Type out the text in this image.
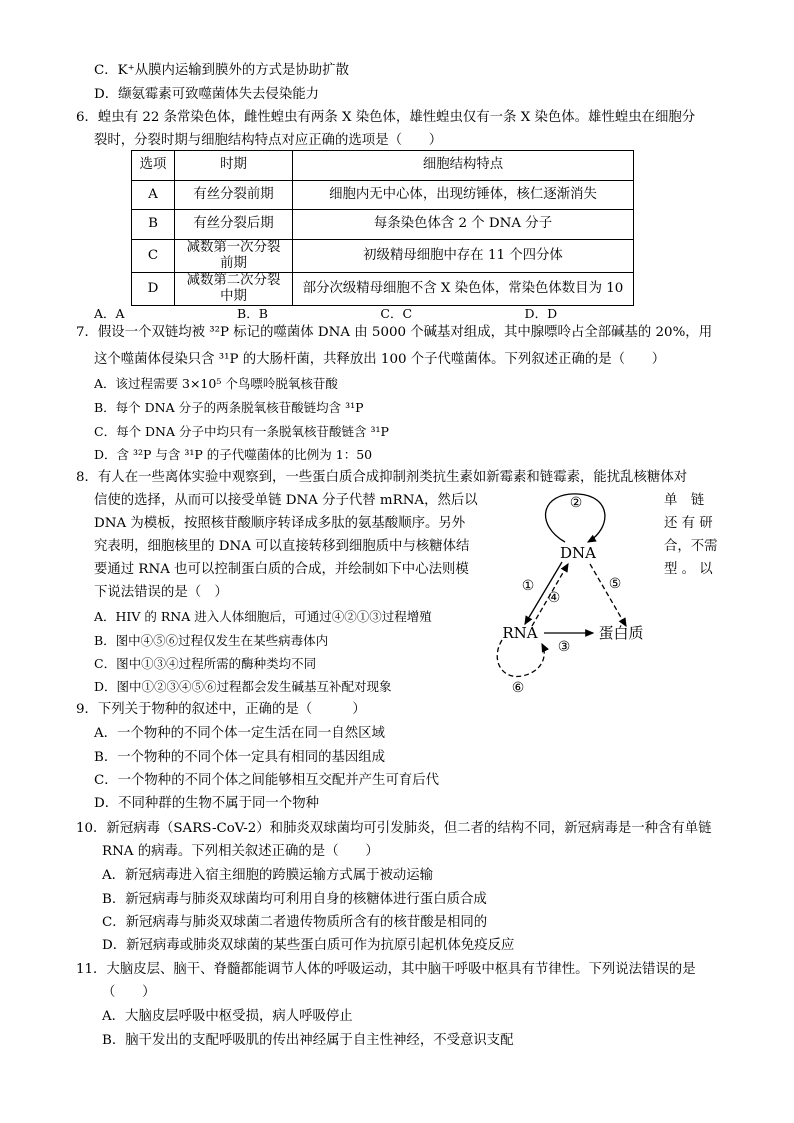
C．K⁺从膜内运输到膜外的方式是协助扩散
D．缬氨霉素可致噬菌体失去侵染能力
6．蝗虫有 22 条常染色体，雌性蝗虫有两条 X 染色体，雄性蝗虫仅有一条 X 染色体。雄性蝗虫在细胞分
裂时，分裂时期与细胞结构特点对应正确的选项是（　　）
选项	时期	细胞结构特点
A	有丝分裂前期	细胞内无中心体，出现纺锤体，核仁逐渐消失
B	有丝分裂后期	每条染色体含 2 个 DNA 分子
C	减数第一次分裂前期	初级精母细胞中存在 11 个四分体
D	减数第二次分裂中期	部分次级精母细胞不含 X 染色体，常染色体数目为 10
A．A　　　　　　　　　B．B　　　　　　　　　C．C　　　　　　　　　D．D
7．假设一个双链均被 ³²P 标记的噬菌体 DNA 由 5000 个碱基对组成，其中腺嘌呤占全部碱基的 20%，用
这个噬菌体侵染只含 ³¹P 的大肠杆菌，共释放出 100 个子代噬菌体。下列叙述正确的是（　　）
A．该过程需要 3×10⁵ 个鸟嘌呤脱氧核苷酸
B．每个 DNA 分子的两条脱氧核苷酸链均含 ³¹P
C．每个 DNA 分子中均只有一条脱氧核苷酸链含 ³¹P
D．含 ³²P 与含 ³¹P 的子代噬菌体的比例为 1：50
8．有人在一些离体实验中观察到，一些蛋白质合成抑制剂类抗生素如新霉素和链霉素，能扰乱核糖体对
信使的选择，从而可以接受单链 DNA 分子代替 mRNA，然后以	单　链
DNA 为模板，按照核苷酸顺序转译成多肽的氨基酸顺序。另外	还 有 研
究表明，细胞核里的 DNA 可以直接转移到细胞质中与核糖体结	合，不需
要通过 RNA 也可以控制蛋白质的合成，并绘制如下中心法则模	型 。 以
下说法错误的是（　）
A．HIV 的 RNA 进入人体细胞后，可通过④②①③过程增殖
B．图中④⑤⑥过程仅发生在某些病毒体内
C．图中①③④过程所需的酶种类均不同
D．图中①②③④⑤⑥过程都会发生碱基互补配对现象
②
DNA
①
④
⑤
RNA
③
蛋白质
⑥
9．下列关于物种的叙述中，正确的是（　　　）
A．一个物种的不同个体一定生活在同一自然区域
B．一个物种的不同个体一定具有相同的基因组成
C．一个物种的不同个体之间能够相互交配并产生可育后代
D．不同种群的生物不属于同一个物种
10．新冠病毒（SARS-CoV-2）和肺炎双球菌均可引发肺炎，但二者的结构不同，新冠病毒是一种含有单链
RNA 的病毒。下列相关叙述正确的是（　　）
A．新冠病毒进入宿主细胞的跨膜运输方式属于被动运输
B．新冠病毒与肺炎双球菌均可利用自身的核糖体进行蛋白质合成
C．新冠病毒与肺炎双球菌二者遗传物质所含有的核苷酸是相同的
D．新冠病毒或肺炎双球菌的某些蛋白质可作为抗原引起机体免疫反应
11．大脑皮层、脑干、脊髓都能调节人体的呼吸运动，其中脑干呼吸中枢具有节律性。下列说法错误的是
（　　）
A．大脑皮层呼吸中枢受损，病人呼吸停止
B．脑干发出的支配呼吸肌的传出神经属于自主性神经，不受意识支配
